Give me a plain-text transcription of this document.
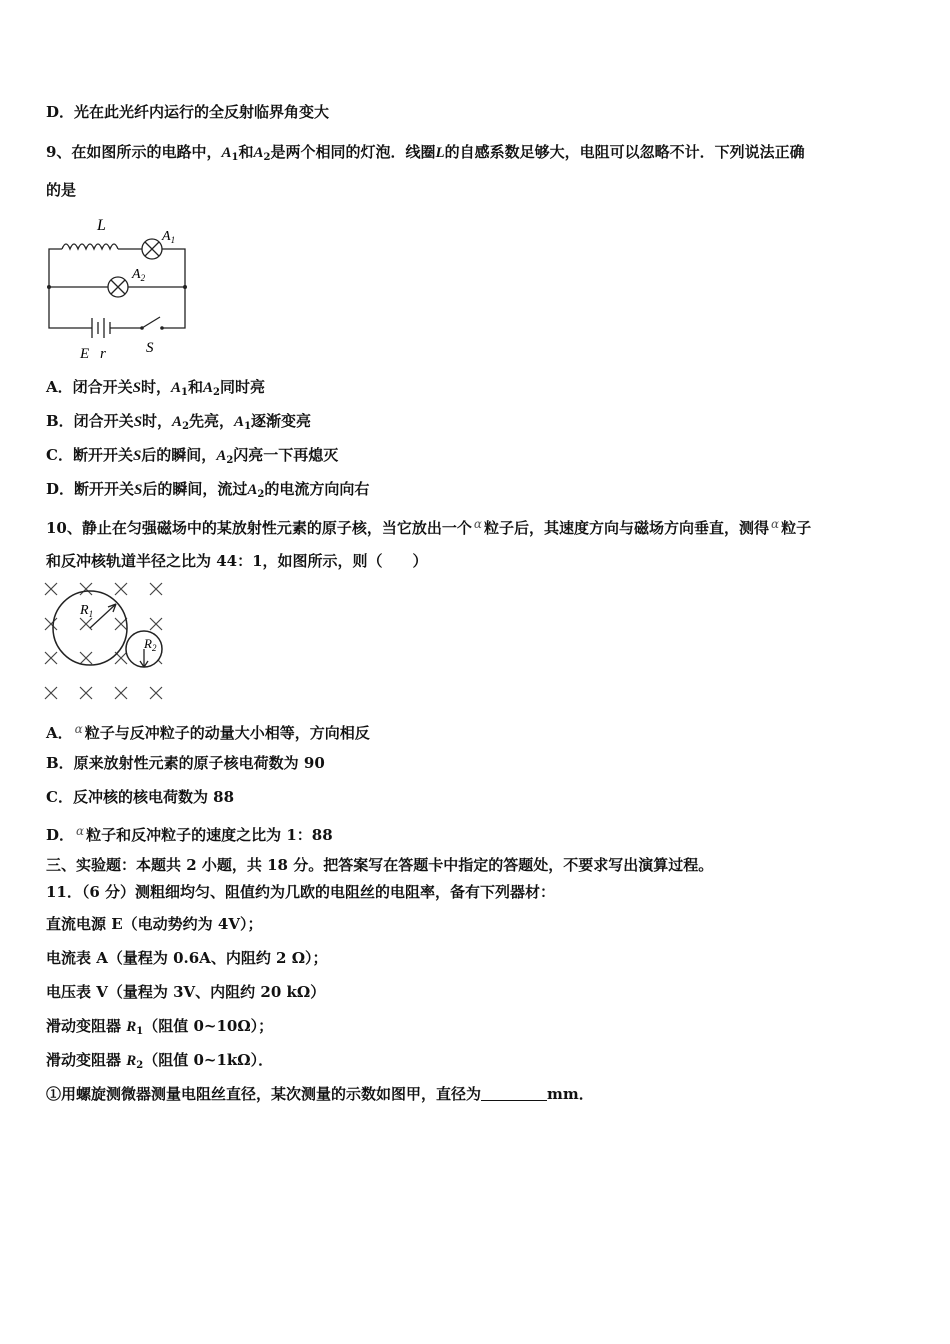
D．光在此光纤内运行的全反射临界角变大
9、在如图所示的电路中，$A_1$和$A_2$是两个相同的灯泡．线圈L的自感系数足够大，电阻可以忽略不计．下列说法正确
的是
L
$A_1$
$A_2$
E r	S
A．闭合开关S时，$A_1$和$A_2$同时亮
B．闭合开关S时，$A_2$先亮，$A_1$逐渐变亮
C．断开开关S后的瞬间，$A_2$闪亮一下再熄灭
D．断开开关S后的瞬间，流过$A_2$的电流方向向右
10、静止在匀强磁场中的某放射性元素的原子核，当它放出一个 $^\alpha$ 粒子后，其速度方向与磁场方向垂直，测得 $^\alpha$ 粒子
和反冲核轨道半径之比为 44：1，如图所示，则（　　）
$R_1$
$R_2$
A． $^\alpha$ 粒子与反冲粒子的动量大小相等，方向相反
B．原来放射性元素的原子核电荷数为 90
C．反冲核的核电荷数为 88
D． $^\alpha$ 粒子和反冲粒子的速度之比为 1：88
三、实验题：本题共 2 小题，共 18 分。把答案写在答题卡中指定的答题处，不要求写出演算过程。
11．（6 分）测粗细均匀、阻值约为几欧的电阻丝的电阻率，备有下列器材：
直流电源 E（电动势约为 4V）；
电流表 A（量程为 0.6A、内阻约 2 Ω）；
电压表 V（量程为 3V、内阻约 20 kΩ）
滑动变阻器 $R_1$（阻值 0~10Ω）；
滑动变阻器 $R_2$（阻值 0~1kΩ）．
①用螺旋测微器测量电阻丝直径，某次测量的示数如图甲，直径为	mm．
